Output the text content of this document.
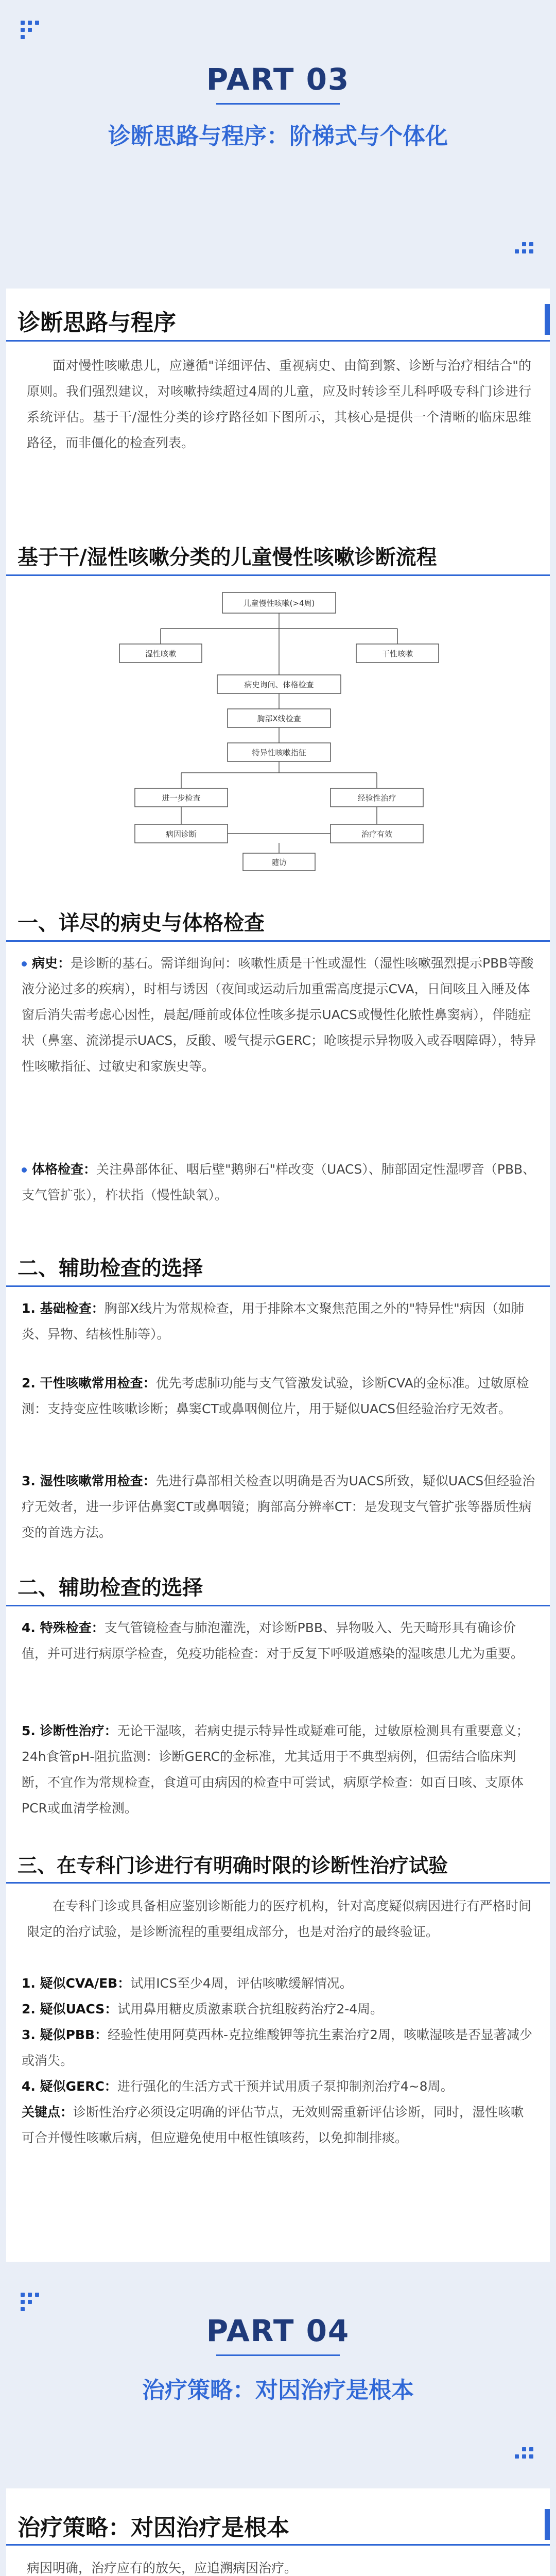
PART 03
诊断思路与程序：阶梯式与个体化
诊断思路与程序
面对慢性咳嗽患儿，应遵循"详细评估、重视病史、由简到繁、诊断与治疗相结合"的原则。我们强烈建议，对咳嗽持续超过4周的儿童，应及时转诊至儿科呼吸专科门诊进行系统评估。基于干/湿性分类的诊疗路径如下图所示，其核心是提供一个清晰的临床思维路径，而非僵化的检查列表。
基于干/湿性咳嗽分类的儿童慢性咳嗽诊断流程
儿童慢性咳嗽(>4周)
湿性咳嗽	干性咳嗽
病史询问、体格检查
胸部X线检查
特异性咳嗽指征
进一步检查	经验性治疗
病因诊断	治疗有效
随访
一、详尽的病史与体格检查
病史：是诊断的基石。需详细询问：咳嗽性质是干性或湿性（湿性咳嗽强烈提示PBB等酸液分泌过多的疾病），时相与诱因（夜间或运动后加重需高度提示CVA，日间咳且入睡及体窗后消失需考虑心因性，晨起/睡前或体位性咳多提示UACS或慢性化脓性鼻窦病），伴随症状（鼻塞、流涕提示UACS，反酸、嗳气提示GERC；呛咳提示异物吸入或吞咽障碍），特异性咳嗽指征、过敏史和家族史等。
体格检查：关注鼻部体征、咽后壁"鹅卵石"样改变（UACS）、肺部固定性湿啰音（PBB、支气管扩张），杵状指（慢性缺氧）。
二、辅助检查的选择
1. 基础检查：胸部X线片为常规检查，用于排除本文聚焦范围之外的"特异性"病因（如肺炎、异物、结核性肺等）。
2. 干性咳嗽常用检查：优先考虑肺功能与支气管激发试验，诊断CVA的金标准。过敏原检测：支持变应性咳嗽诊断；鼻窦CT或鼻咽侧位片，用于疑似UACS但经验治疗无效者。
3. 湿性咳嗽常用检查：先进行鼻部相关检查以明确是否为UACS所致，疑似UACS但经验治疗无效者，进一步评估鼻窦CT或鼻咽镜；胸部高分辨率CT：是发现支气管扩张等器质性病变的首选方法。
二、辅助检查的选择
4. 特殊检查：支气管镜检查与肺泡灌洗，对诊断PBB、异物吸入、先天畸形具有确诊价值，并可进行病原学检查，免疫功能检查：对于反复下呼吸道感染的湿咳患儿尤为重要。
5. 诊断性治疗：无论干湿咳，若病史提示特异性或疑难可能，过敏原检测具有重要意义；24h食管pH-阻抗监测：诊断GERC的金标准，尤其适用于不典型病例，但需结合临床判断，不宜作为常规检查，食道可由病因的检查中可尝试，病原学检查：如百日咳、支原体PCR或血清学检测。
三、在专科门诊进行有明确时限的诊断性治疗试验
在专科门诊或具备相应鉴别诊断能力的医疗机构，针对高度疑似病因进行有严格时间限定的治疗试验，是诊断流程的重要组成部分，也是对治疗的最终验证。
1. 疑似CVA/EB：试用ICS至少4周，评估咳嗽缓解情况。
2. 疑似UACS：试用鼻用糖皮质激素联合抗组胺药治疗2-4周。
3. 疑似PBB：经验性使用阿莫西林-克拉维酸钾等抗生素治疗2周，咳嗽湿咳是否显著减少或消失。
4. 疑似GERC：进行强化的生活方式干预并试用质子泵抑制剂治疗4~8周。
关键点：诊断性治疗必须设定明确的评估节点，无效则需重新评估诊断，同时，湿性咳嗽可合并慢性咳嗽后病，但应避免使用中枢性镇咳药，以免抑制排痰。
PART 04
治疗策略：对因治疗是根本
治疗策略：对因治疗是根本
病因明确，治疗应有的放矢，应追溯病因治疗。
